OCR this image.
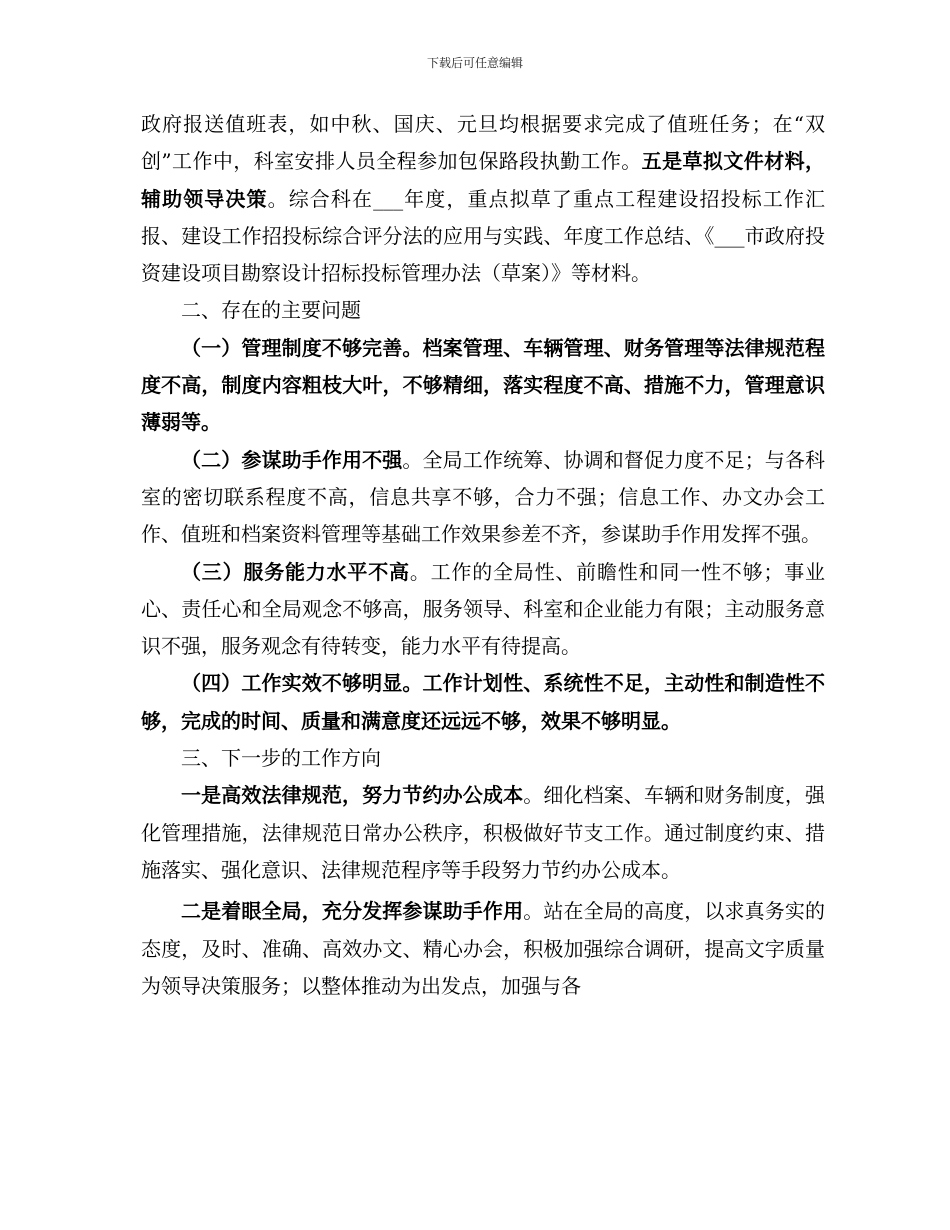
下载后可任意编辑

政府报送值班表，如中秋、国庆、元旦均根据要求完成了值班任务；在“双创”工作中，科室安排人员全程参加包保路段执勤工作。五是草拟文件材料，辅助领导决策。综合科在___年度，重点拟草了重点工程建设招投标工作汇报、建设工作招投标综合评分法的应用与实践、年度工作总结、《___市政府投资建设项目勘察设计招标投标管理办法（草案）》等材料。

二、存在的主要问题

（一）管理制度不够完善。档案管理、车辆管理、财务管理等法律规范程度不高，制度内容粗枝大叶，不够精细，落实程度不高、措施不力，管理意识薄弱等。

（二）参谋助手作用不强。全局工作统筹、协调和督促力度不足；与各科室的密切联系程度不高，信息共享不够，合力不强；信息工作、办文办会工作、值班和档案资料管理等基础工作效果参差不齐，参谋助手作用发挥不强。

（三）服务能力水平不高。工作的全局性、前瞻性和同一性不够；事业心、责任心和全局观念不够高，服务领导、科室和企业能力有限；主动服务意识不强，服务观念有待转变，能力水平有待提高。

（四）工作实效不够明显。工作计划性、系统性不足，主动性和制造性不够，完成的时间、质量和满意度还远远不够，效果不够明显。

三、下一步的工作方向

一是高效法律规范，努力节约办公成本。细化档案、车辆和财务制度，强化管理措施，法律规范日常办公秩序，积极做好节支工作。通过制度约束、措施落实、强化意识、法律规范程序等手段努力节约办公成本。

二是着眼全局，充分发挥参谋助手作用。站在全局的高度，以求真务实的态度，及时、准确、高效办文、精心办会，积极加强综合调研，提高文字质量为领导决策服务；以整体推动为出发点，加强与各
